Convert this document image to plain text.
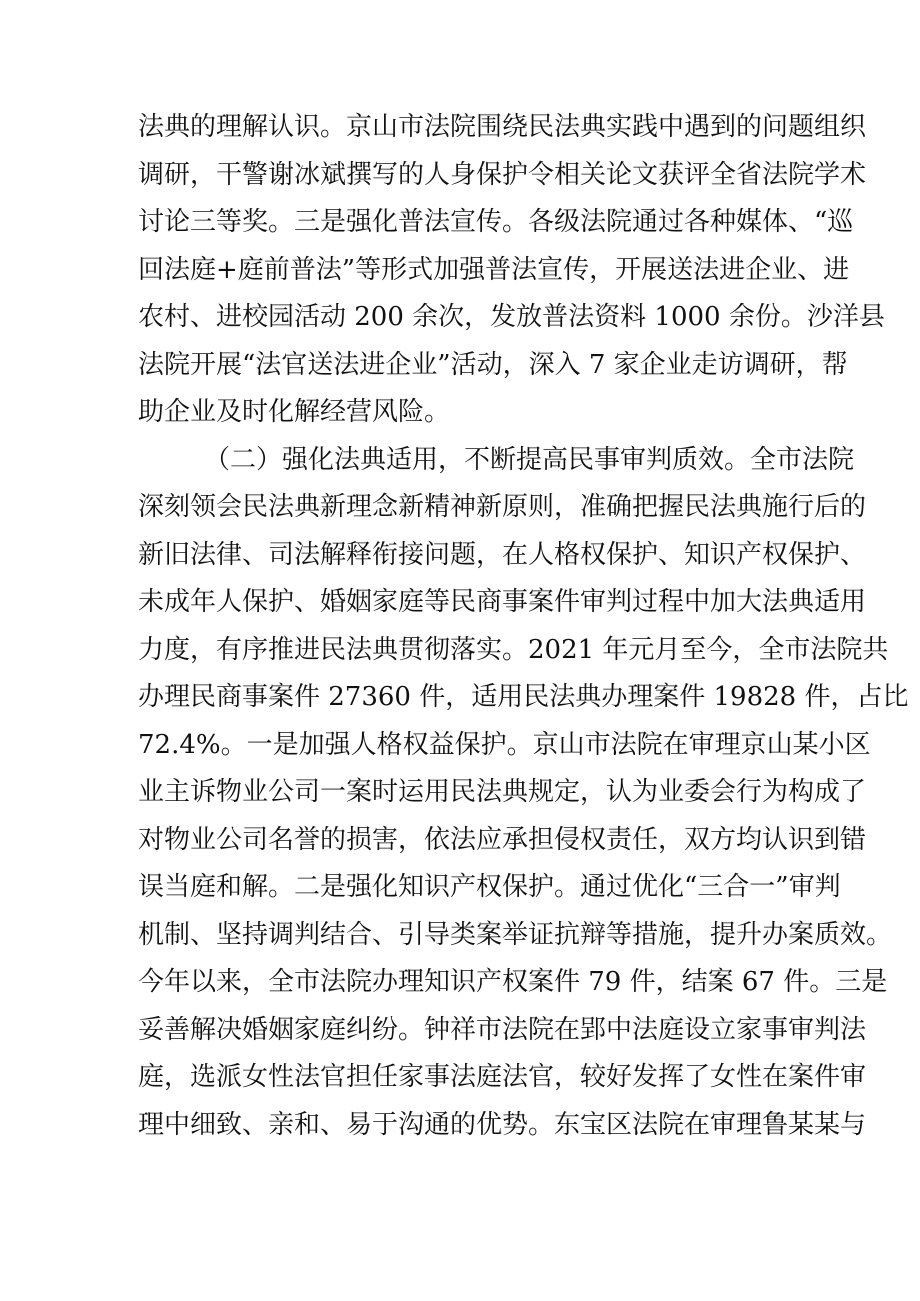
法典的理解认识。京山市法院围绕民法典实践中遇到的问题组织
调研，干警谢冰斌撰写的人身保护令相关论文获评全省法院学术
讨论三等奖。三是强化普法宣传。各级法院通过各种媒体、“巡
回法庭+庭前普法”等形式加强普法宣传，开展送法进企业、进
农村、进校园活动 200 余次，发放普法资料 1000 余份。沙洋县
法院开展“法官送法进企业”活动，深入 7 家企业走访调研，帮
助企业及时化解经营风险。
（二）强化法典适用，不断提高民事审判质效。全市法院
深刻领会民法典新理念新精神新原则，准确把握民法典施行后的
新旧法律、司法解释衔接问题，在人格权保护、知识产权保护、
未成年人保护、婚姻家庭等民商事案件审判过程中加大法典适用
力度，有序推进民法典贯彻落实。2021 年元月至今，全市法院共
办理民商事案件 27360 件，适用民法典办理案件 19828 件，占比
72.4%。一是加强人格权益保护。京山市法院在审理京山某小区
业主诉物业公司一案时运用民法典规定，认为业委会行为构成了
对物业公司名誉的损害，依法应承担侵权责任，双方均认识到错
误当庭和解。二是强化知识产权保护。通过优化“三合一”审判
机制、坚持调判结合、引导类案举证抗辩等措施，提升办案质效。
今年以来，全市法院办理知识产权案件 79 件，结案 67 件。三是
妥善解决婚姻家庭纠纷。钟祥市法院在郢中法庭设立家事审判法
庭，选派女性法官担任家事法庭法官，较好发挥了女性在案件审
理中细致、亲和、易于沟通的优势。东宝区法院在审理鲁某某与
